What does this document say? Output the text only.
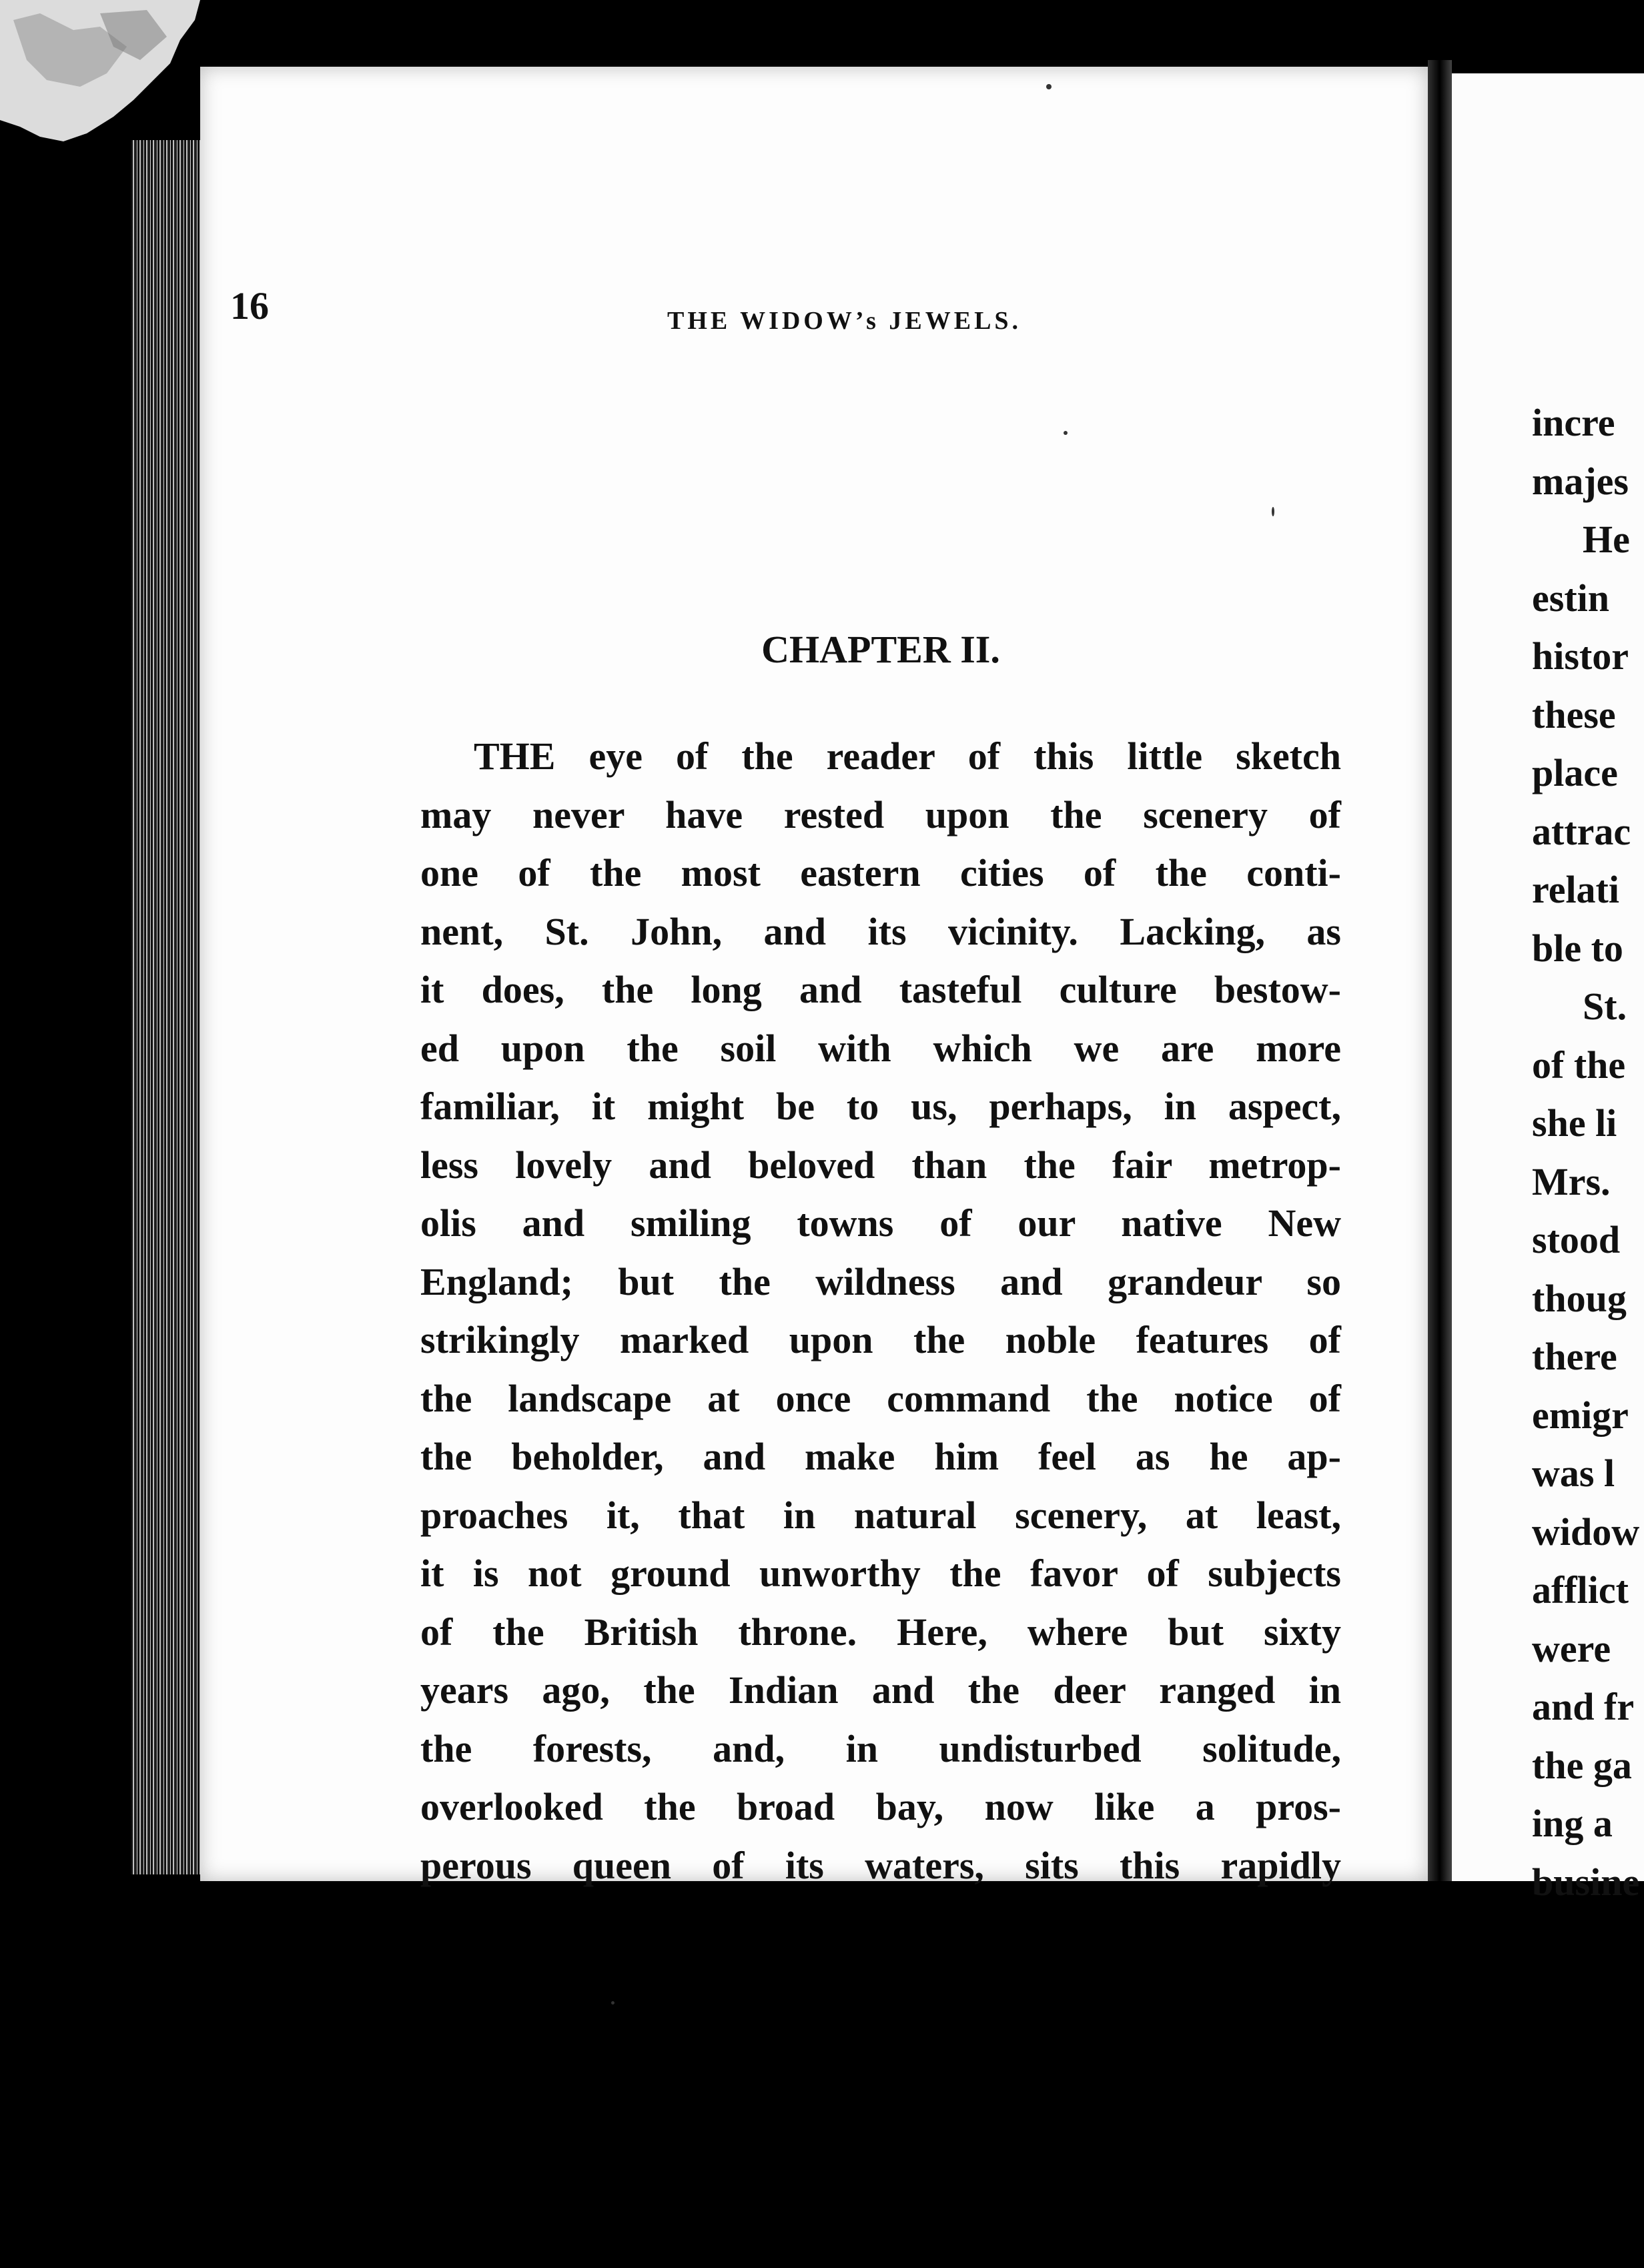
16	THE WIDOW’s JEWELS.

CHAPTER II.
THE eye of the reader of this little sketch
may never have rested upon the scenery of
one of the most eastern cities of the conti-
nent, St. John, and its vicinity. Lacking, as
it does, the long and tasteful culture bestow-
ed upon the soil with which we are more
familiar, it might be to us, perhaps, in aspect,
less lovely and beloved than the fair metrop-
olis and smiling towns of our native New
England; but the wildness and grandeur so
strikingly marked upon the noble features of
the landscape at once command the notice of
the beholder, and make him feel as he ap-
proaches it, that in natural scenery, at least,
it is not ground unworthy the favor of subjects
of the British throne. Here, where but sixty
years ago, the Indian and the deer ranged in
the forests, and, in undisturbed solitude,
overlooked the broad bay, now like a pros-
perous queen of its waters, sits this rapidly
incre
majes
He
estin
histor
these
place
attrac
relati
ble to
St.
of the
she li
Mrs.
stood
thoug
there
emigr
was l
widow
afflict
were
and fr
the ga
ing a
busine
